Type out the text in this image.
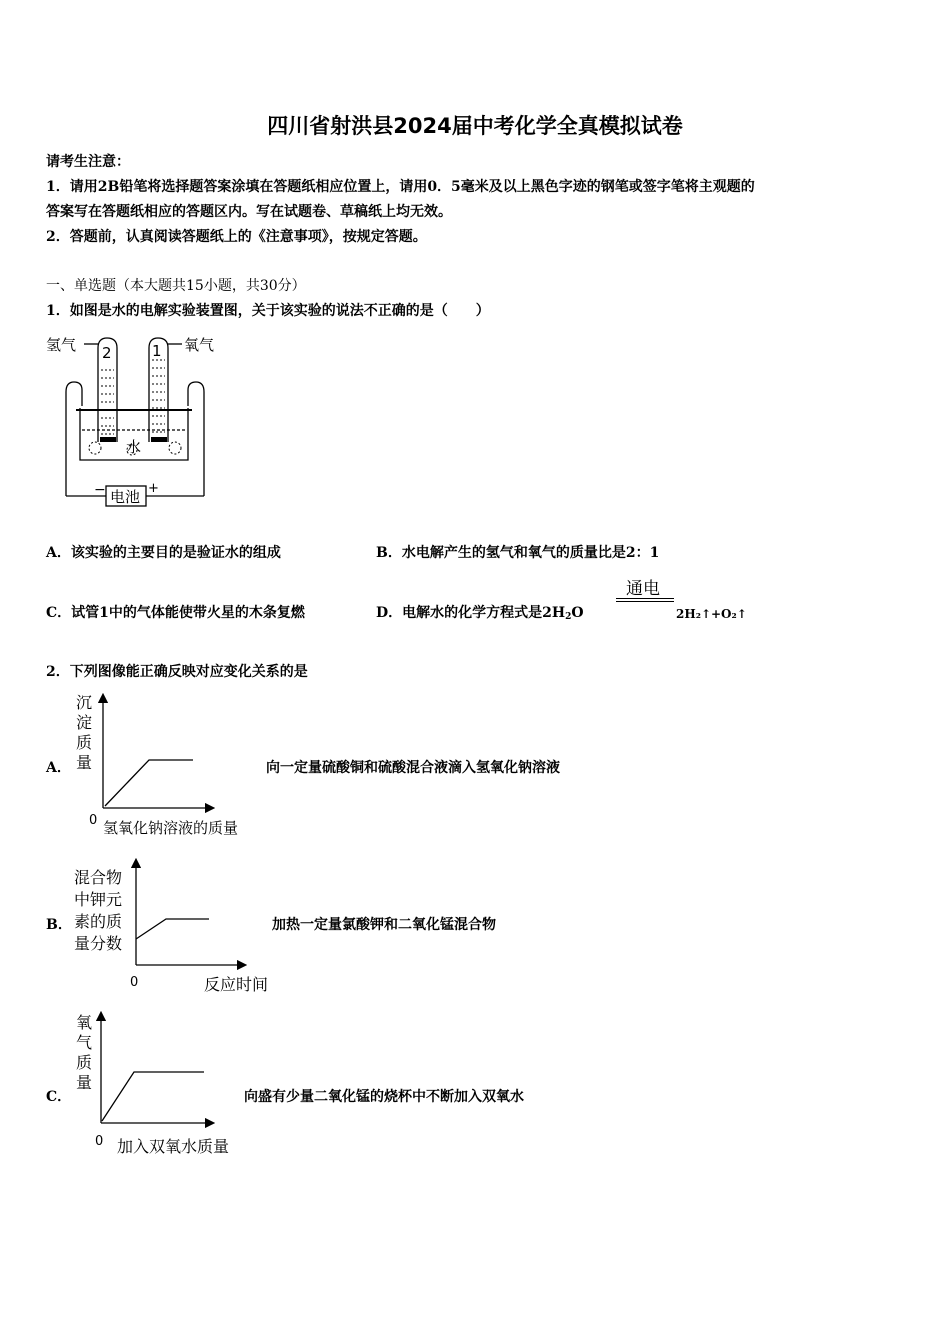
四川省射洪县2024届中考化学全真模拟试卷
请考生注意：
1．请用2B铅笔将选择题答案涂填在答题纸相应位置上，请用0．5毫米及以上黑色字迹的钢笔或签字笔将主观题的
答案写在答题纸相应的答题区内。写在试题卷、草稿纸上均无效。
2．答题前，认真阅读答题纸上的《注意事项》，按规定答题。
一、单选题（本大题共15小题，共30分）
1．如图是水的电解实验装置图，关于该实验的说法不正确的是（　　）
氢气	氧气
2	1
水
电池
−	+
A．该实验的主要目的是验证水的组成	B．水电解产生的氢气和氧气的质量比是2：1
C．试管1中的气体能使带火星的木条复燃	D．电解水的化学方程式是2H2O
通电
2H₂↑+O₂↑
2．下列图像能正确反映对应变化关系的是
A．
沉
淀
质
量
0 氢氧化钠溶液的质量
向一定量硫酸铜和硫酸混合液滴入氢氧化钠溶液
B．
混合物
中钾元
素的质
量分数
0	反应时间
加热一定量氯酸钾和二氧化锰混合物
C．
氧
气
质
量
0 加入双氧水质量
向盛有少量二氧化锰的烧杯中不断加入双氧水
